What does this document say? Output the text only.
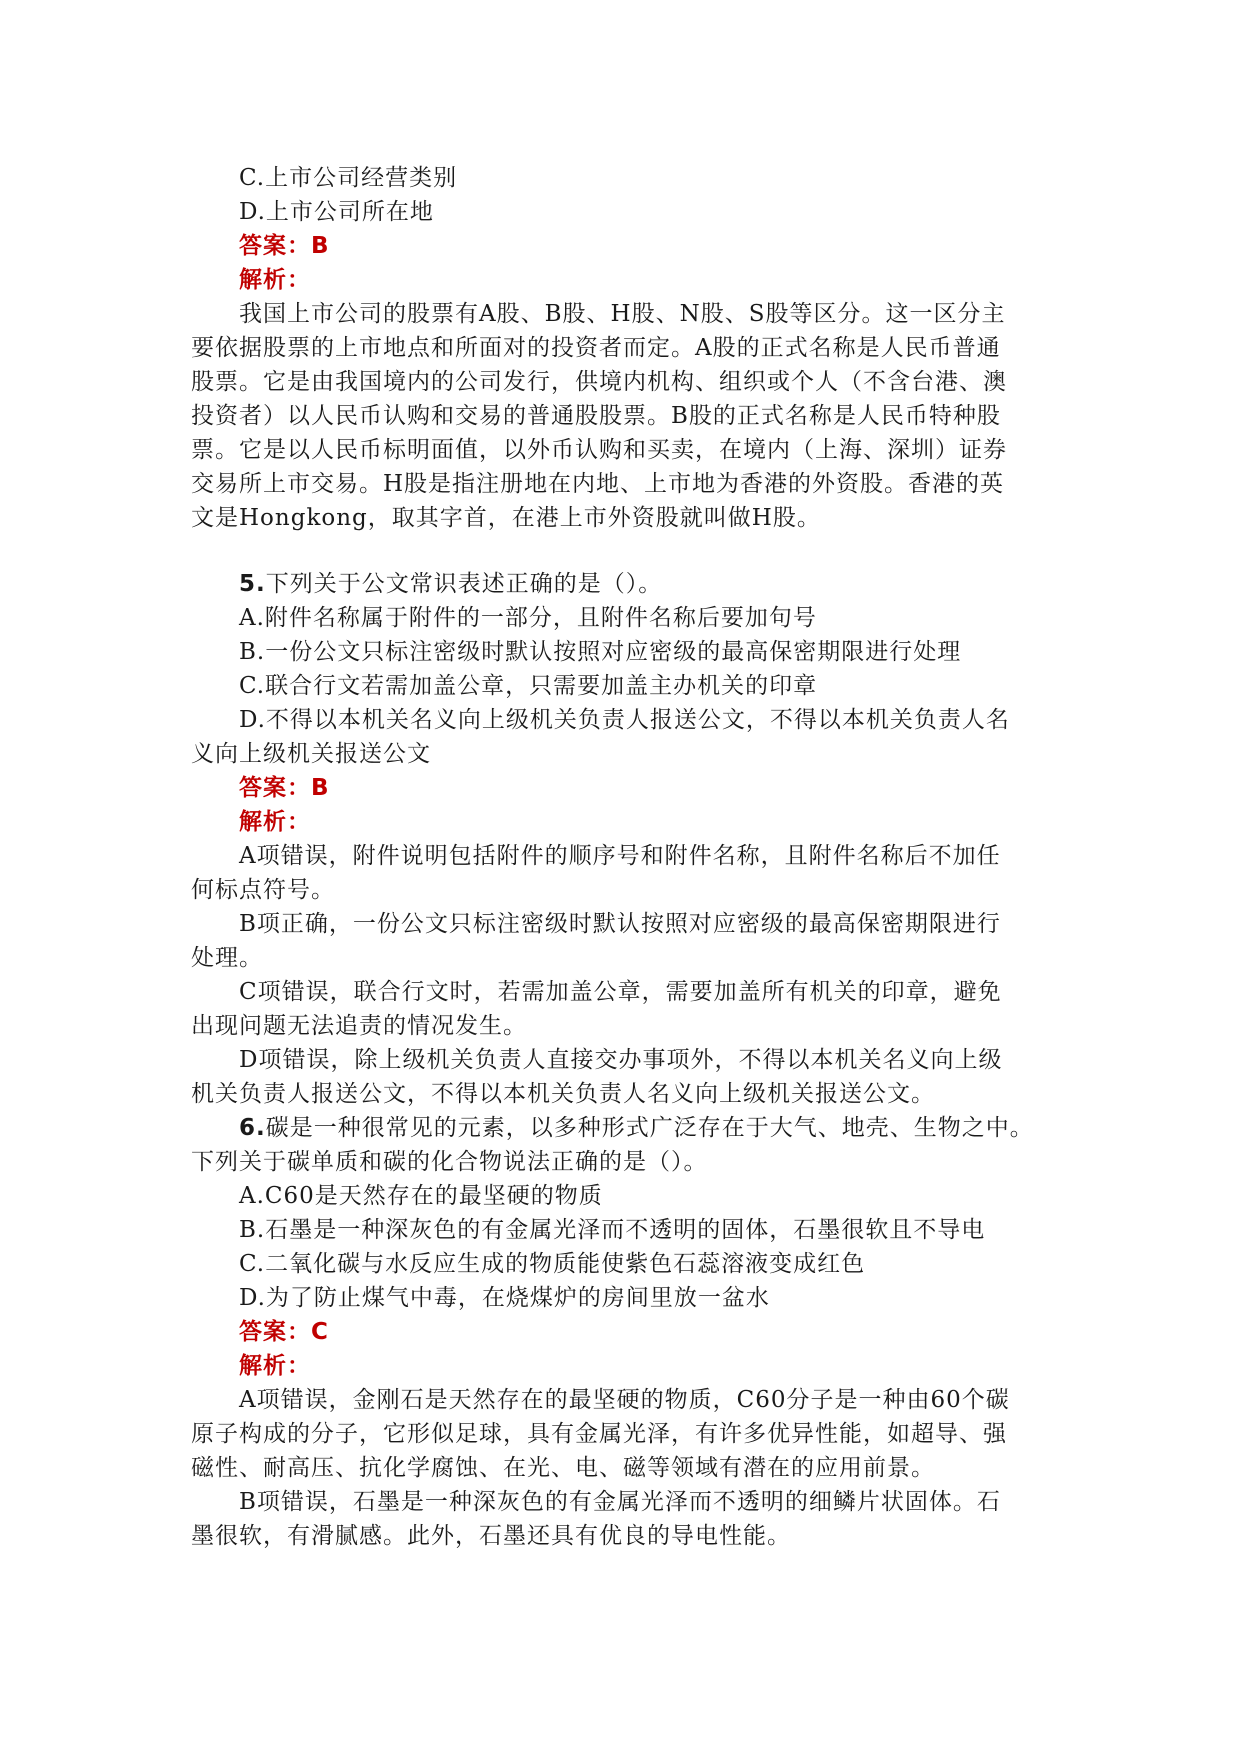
C.上市公司经营类别
D.上市公司所在地
答案：B
解析：
我国上市公司的股票有A股、B股、H股、N股、S股等区分。这一区分主
要依据股票的上市地点和所面对的投资者而定。A股的正式名称是人民币普通
股票。它是由我国境内的公司发行，供境内机构、组织或个人（不含台港、澳
投资者）以人民币认购和交易的普通股股票。B股的正式名称是人民币特种股
票。它是以人民币标明面值，以外币认购和买卖，在境内（上海、深圳）证券
交易所上市交易。H股是指注册地在内地、上市地为香港的外资股。香港的英
文是Hongkong，取其字首，在港上市外资股就叫做H股。
5.下列关于公文常识表述正确的是（）。
A.附件名称属于附件的一部分，且附件名称后要加句号
B.一份公文只标注密级时默认按照对应密级的最高保密期限进行处理
C.联合行文若需加盖公章，只需要加盖主办机关的印章
D.不得以本机关名义向上级机关负责人报送公文，不得以本机关负责人名
义向上级机关报送公文
答案：B
解析：
A项错误，附件说明包括附件的顺序号和附件名称，且附件名称后不加任
何标点符号。
B项正确，一份公文只标注密级时默认按照对应密级的最高保密期限进行
处理。
C项错误，联合行文时，若需加盖公章，需要加盖所有机关的印章，避免
出现问题无法追责的情况发生。
D项错误，除上级机关负责人直接交办事项外，不得以本机关名义向上级
机关负责人报送公文，不得以本机关负责人名义向上级机关报送公文。
6.碳是一种很常见的元素，以多种形式广泛存在于大气、地壳、生物之中。
下列关于碳单质和碳的化合物说法正确的是（）。
A.C60是天然存在的最坚硬的物质
B.石墨是一种深灰色的有金属光泽而不透明的固体，石墨很软且不导电
C.二氧化碳与水反应生成的物质能使紫色石蕊溶液变成红色
D.为了防止煤气中毒，在烧煤炉的房间里放一盆水
答案：C
解析：
A项错误，金刚石是天然存在的最坚硬的物质，C60分子是一种由60个碳
原子构成的分子，它形似足球，具有金属光泽，有许多优异性能，如超导、强
磁性、耐高压、抗化学腐蚀、在光、电、磁等领域有潜在的应用前景。
B项错误，石墨是一种深灰色的有金属光泽而不透明的细鳞片状固体。石
墨很软，有滑腻感。此外，石墨还具有优良的导电性能。
